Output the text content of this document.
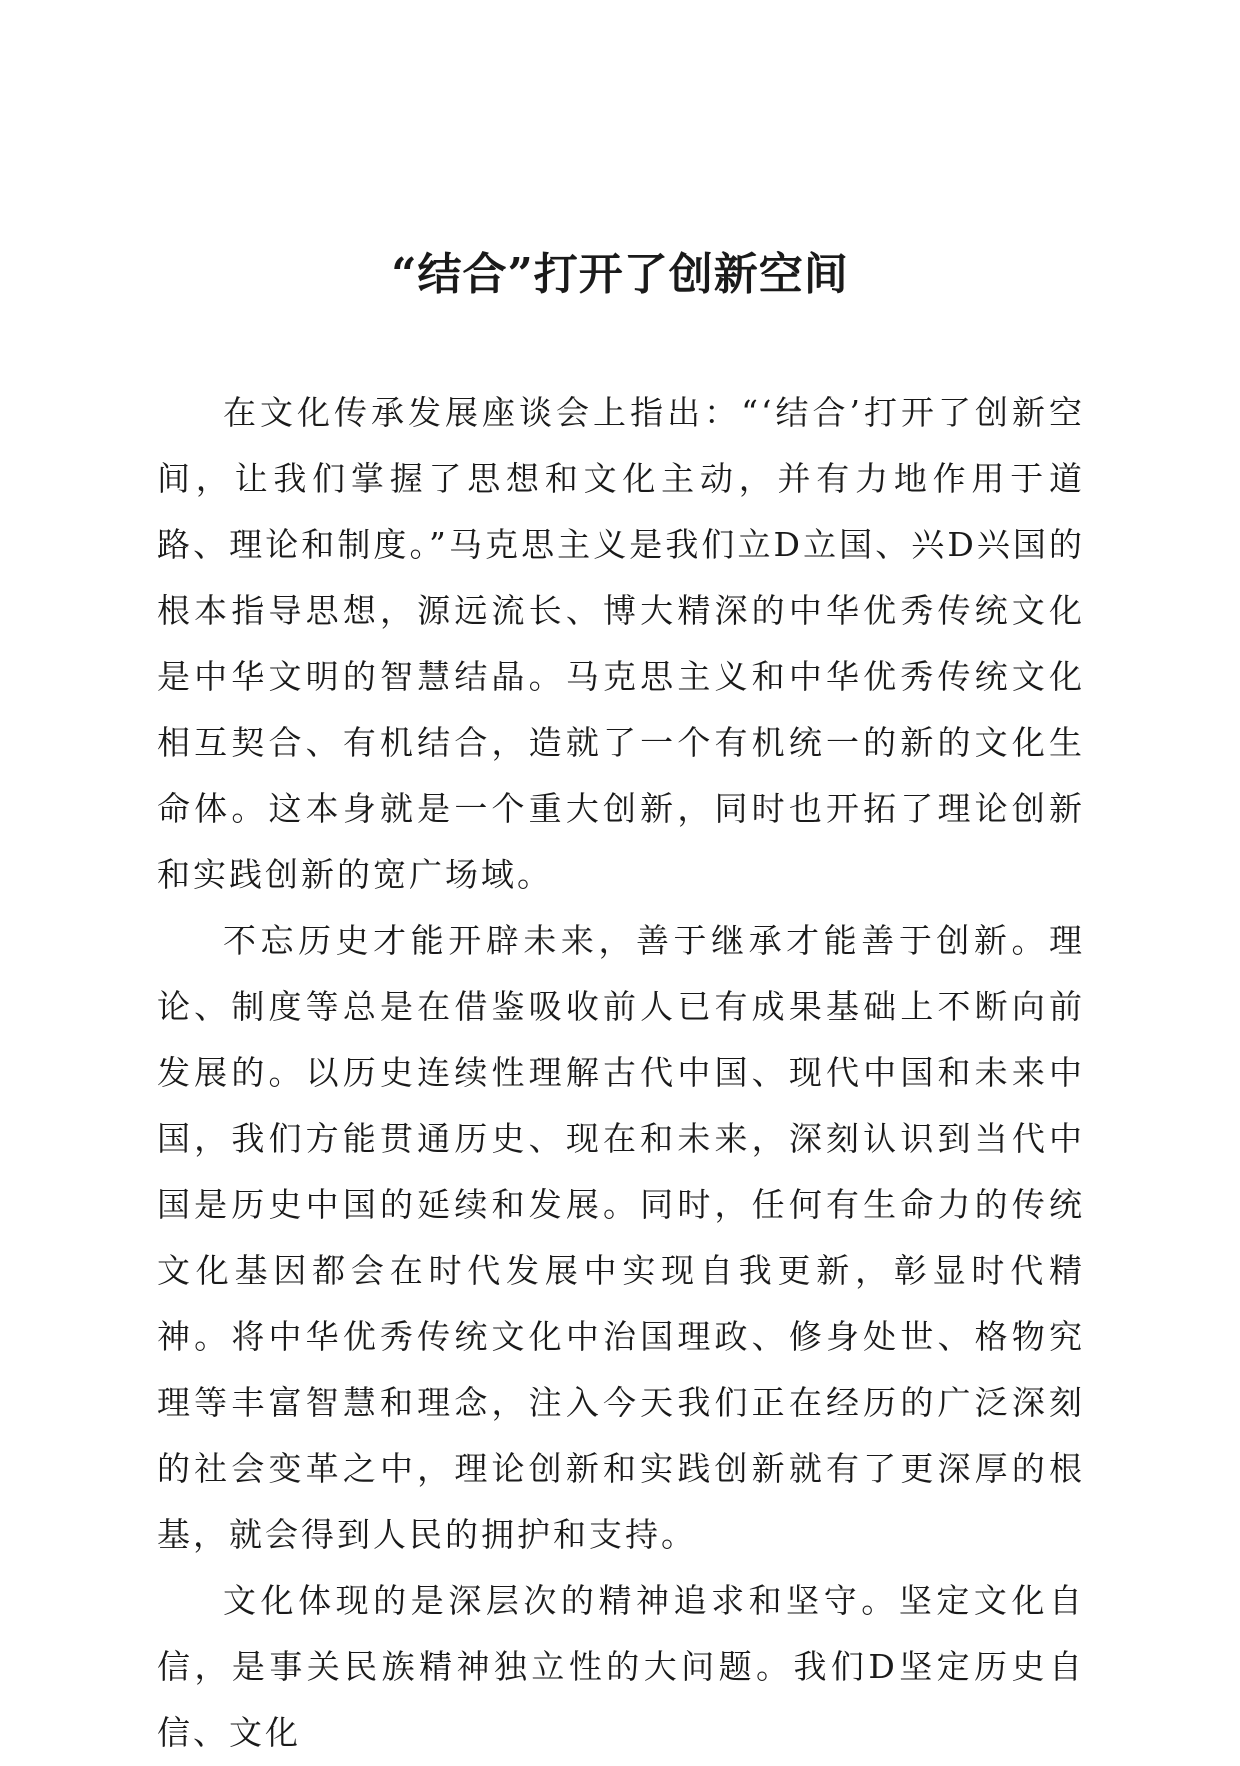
“结合”打开了创新空间

在文化传承发展座谈会上指出：“‘结合’打开了创新空间，让我们掌握了思想和文化主动，并有力地作用于道路、理论和制度。”马克思主义是我们立D立国、兴D兴国的根本指导思想，源远流长、博大精深的中华优秀传统文化是中华文明的智慧结晶。马克思主义和中华优秀传统文化相互契合、有机结合，造就了一个有机统一的新的文化生命体。这本身就是一个重大创新，同时也开拓了理论创新和实践创新的宽广场域。

不忘历史才能开辟未来，善于继承才能善于创新。理论、制度等总是在借鉴吸收前人已有成果基础上不断向前发展的。以历史连续性理解古代中国、现代中国和未来中国，我们方能贯通历史、现在和未来，深刻认识到当代中国是历史中国的延续和发展。同时，任何有生命力的传统文化基因都会在时代发展中实现自我更新，彰显时代精神。将中华优秀传统文化中治国理政、修身处世、格物究理等丰富智慧和理念，注入今天我们正在经历的广泛深刻的社会变革之中，理论创新和实践创新就有了更深厚的根基，就会得到人民的拥护和支持。

文化体现的是深层次的精神追求和坚守。坚定文化自信，是事关民族精神独立性的大问题。我们D坚定历史自信、文化
